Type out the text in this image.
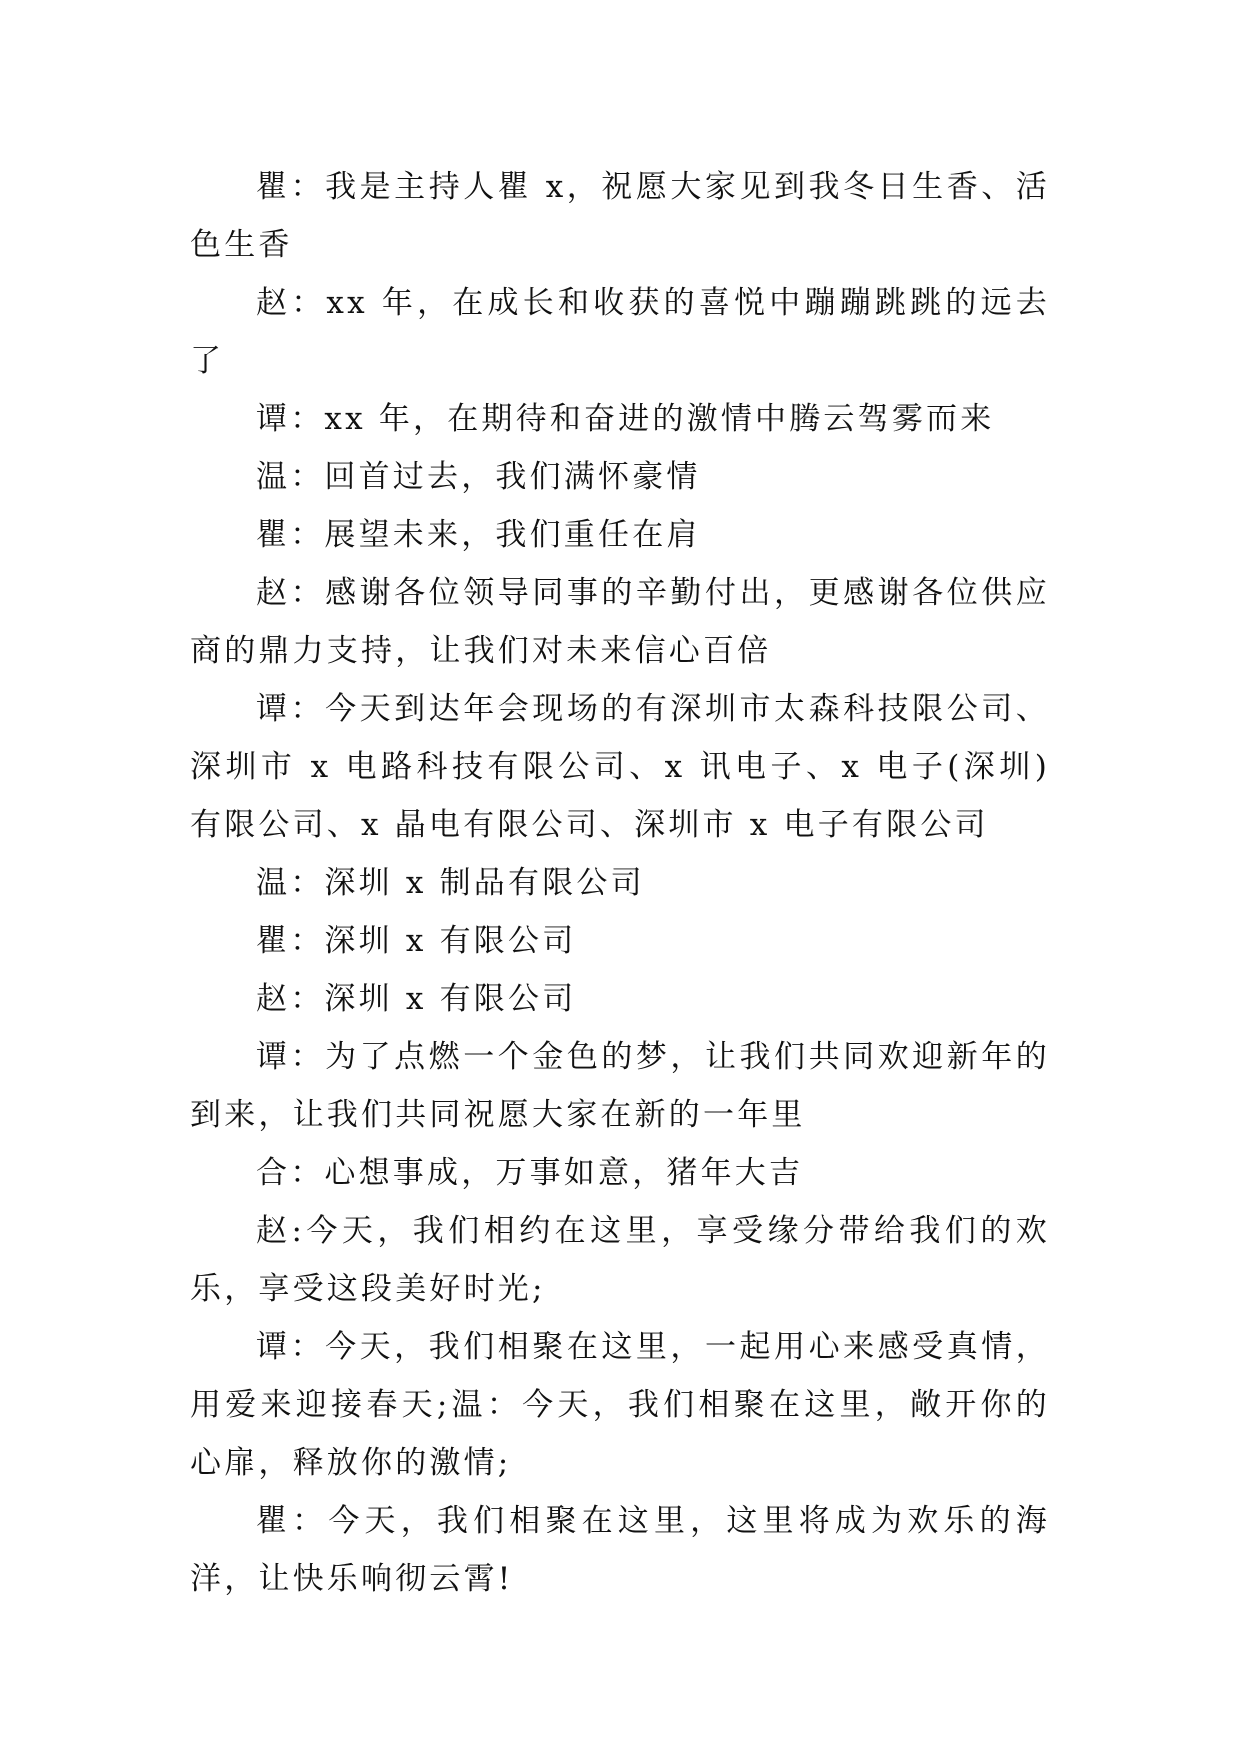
瞿：我是主持人瞿 x，祝愿大家见到我冬日生香、活色生香

赵：xx 年，在成长和收获的喜悦中蹦蹦跳跳的远去了

谭：xx 年，在期待和奋进的激情中腾云驾雾而来

温：回首过去，我们满怀豪情

瞿：展望未来，我们重任在肩

赵：感谢各位领导同事的辛勤付出，更感谢各位供应商的鼎力支持，让我们对未来信心百倍

谭：今天到达年会现场的有深圳市太森科技限公司、深圳市 x 电路科技有限公司、x 讯电子、x 电子(深圳)有限公司、x 晶电有限公司、深圳市 x 电子有限公司

温：深圳 x 制品有限公司

瞿：深圳 x 有限公司

赵：深圳 x 有限公司

谭：为了点燃一个金色的梦，让我们共同欢迎新年的到来，让我们共同祝愿大家在新的一年里

合：心想事成，万事如意，猪年大吉

赵:今天，我们相约在这里，享受缘分带给我们的欢乐，享受这段美好时光;

谭：今天，我们相聚在这里，一起用心来感受真情，用爱来迎接春天;温：今天，我们相聚在这里，敞开你的心扉，释放你的激情;

瞿：今天，我们相聚在这里，这里将成为欢乐的海洋，让快乐响彻云霄!
